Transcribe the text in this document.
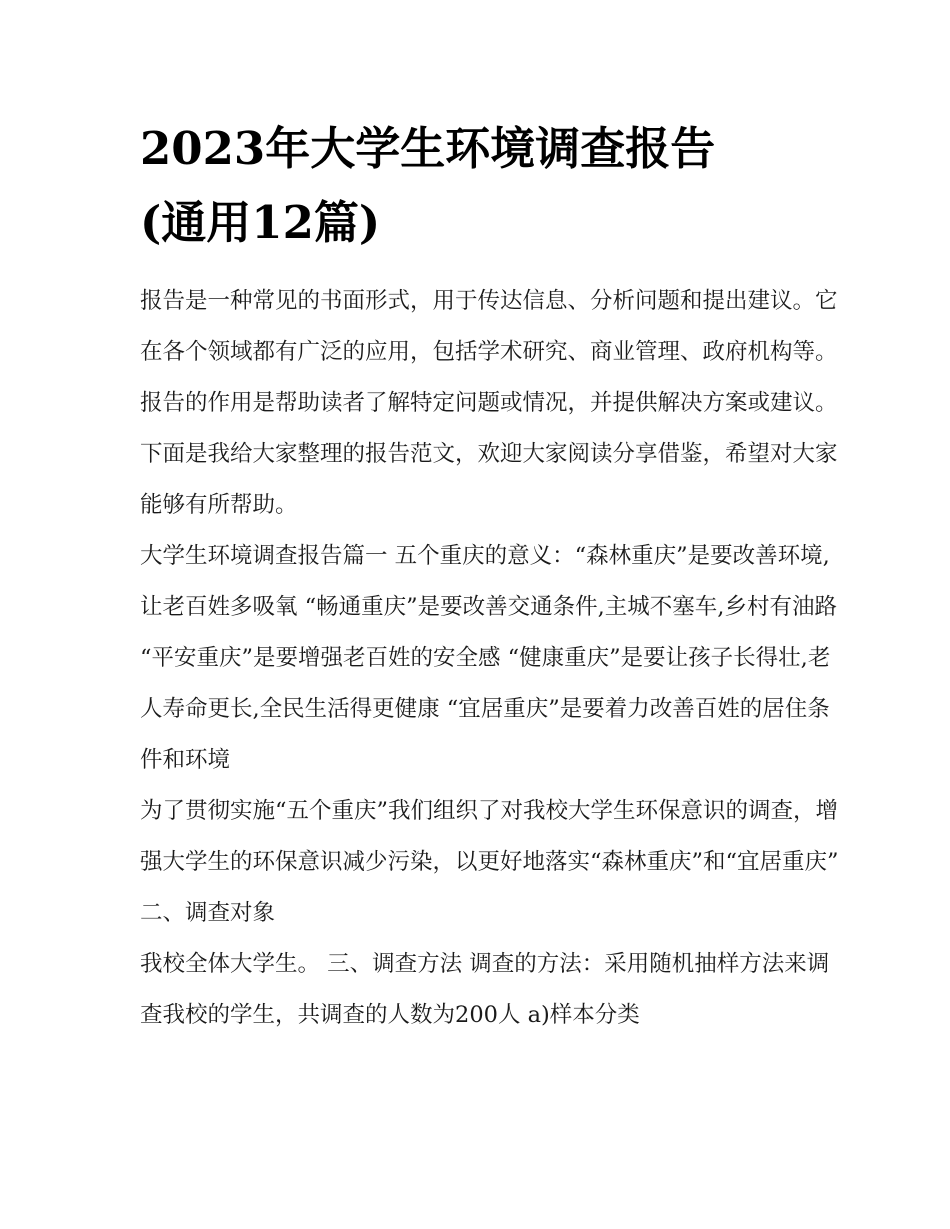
2023年大学生环境调查报告
(通用12篇)

报告是一种常见的书面形式，用于传达信息、分析问题和提出建议。它在各个领域都有广泛的应用，包括学术研究、商业管理、政府机构等。报告的作用是帮助读者了解特定问题或情况，并提供解决方案或建议。下面是我给大家整理的报告范文，欢迎大家阅读分享借鉴，希望对大家能够有所帮助。

大学生环境调查报告篇一 五个重庆的意义：“森林重庆”是要改善环境,让老百姓多吸氧 “畅通重庆”是要改善交通条件,主城不塞车,乡村有油路

“平安重庆”是要增强老百姓的安全感 “健康重庆”是要让孩子长得壮,老人寿命更长,全民生活得更健康 “宜居重庆”是要着力改善百姓的居住条件和环境

为了贯彻实施“五个重庆”我们组织了对我校大学生环保意识的调查，增强大学生的环保意识减少污染，以更好地落实“森林重庆”和“宜居重庆” 二、调查对象

我校全体大学生。 三、调查方法 调查的方法：采用随机抽样方法来调查我校的学生，共调查的人数为200人 a)样本分类
